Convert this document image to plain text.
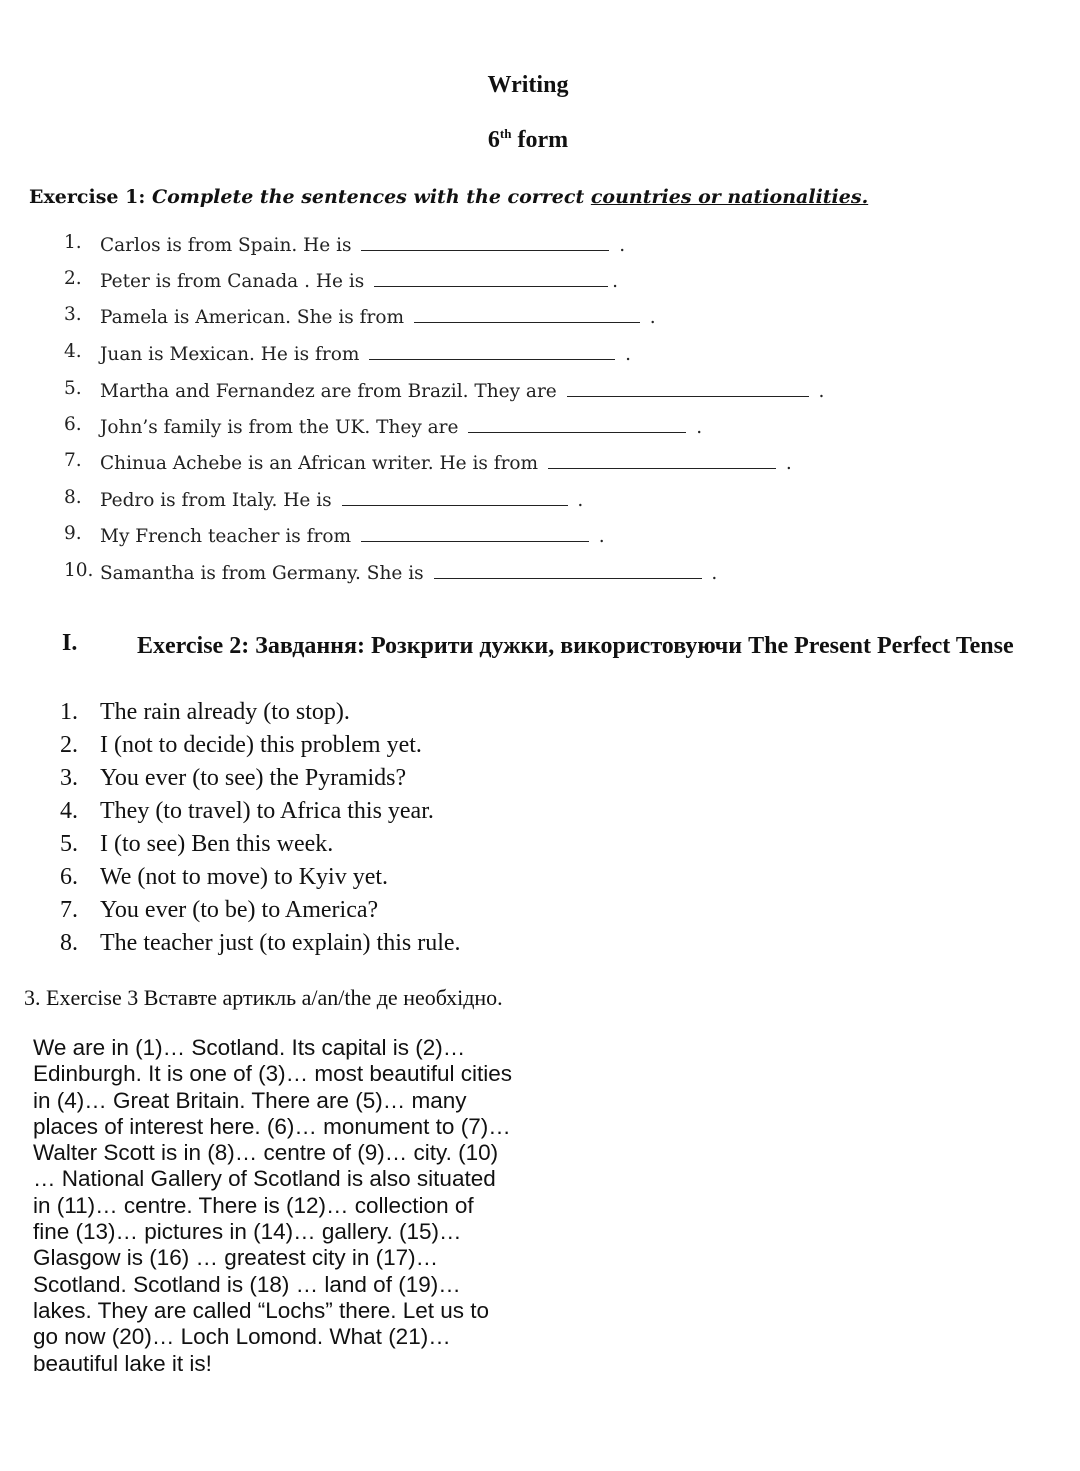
Writing
6th form
Exercise 1: Complete the sentences with the correct countries or nationalities.
1. Carlos is from Spain. He is	.
2. Peter is from Canada . He is	.
3. Pamela is American. She is from	.
4. Juan is Mexican. He is from	.
5. Martha and Fernandez are from Brazil. They are	.
6. John’s family is from the UK. They are	.
7. Chinua Achebe is an African writer. He is from	.
8. Pedro is from Italy. He is	.
9. My French teacher is from	.
10. Samantha is from Germany. She is	.
I. Exercise 2: Завдання: Розкрити дужки, використовуючи The Present Perfect Tense
1. The rain already (to stop).
2. I (not to decide) this problem yet.
3. You ever (to see) the Pyramids?
4. They (to travel) to Africa this year.
5. I (to see) Ben this week.
6. We (not to move) to Kyiv yet.
7. You ever (to be) to America?
8. The teacher just (to explain) this rule.
3. Exercise 3 Вставте артикль a/an/the де необхідно.
We are in (1)… Scotland. Its capital is (2)…
Edinburgh. It is one of (3)… most beautiful cities
in (4)… Great Britain. There are (5)… many
places of interest here. (6)… monument to (7)…
Walter Scott is in (8)… centre of (9)… city. (10)
… National Gallery of Scotland is also situated
in (11)… centre. There is (12)… collection of
fine (13)… pictures in (14)… gallery. (15)…
Glasgow is (16) … greatest city in (17)…
Scotland. Scotland is (18) … land of (19)…
lakes. They are called “Lochs” there. Let us to
go now (20)… Loch Lomond. What (21)…
beautiful lake it is!
